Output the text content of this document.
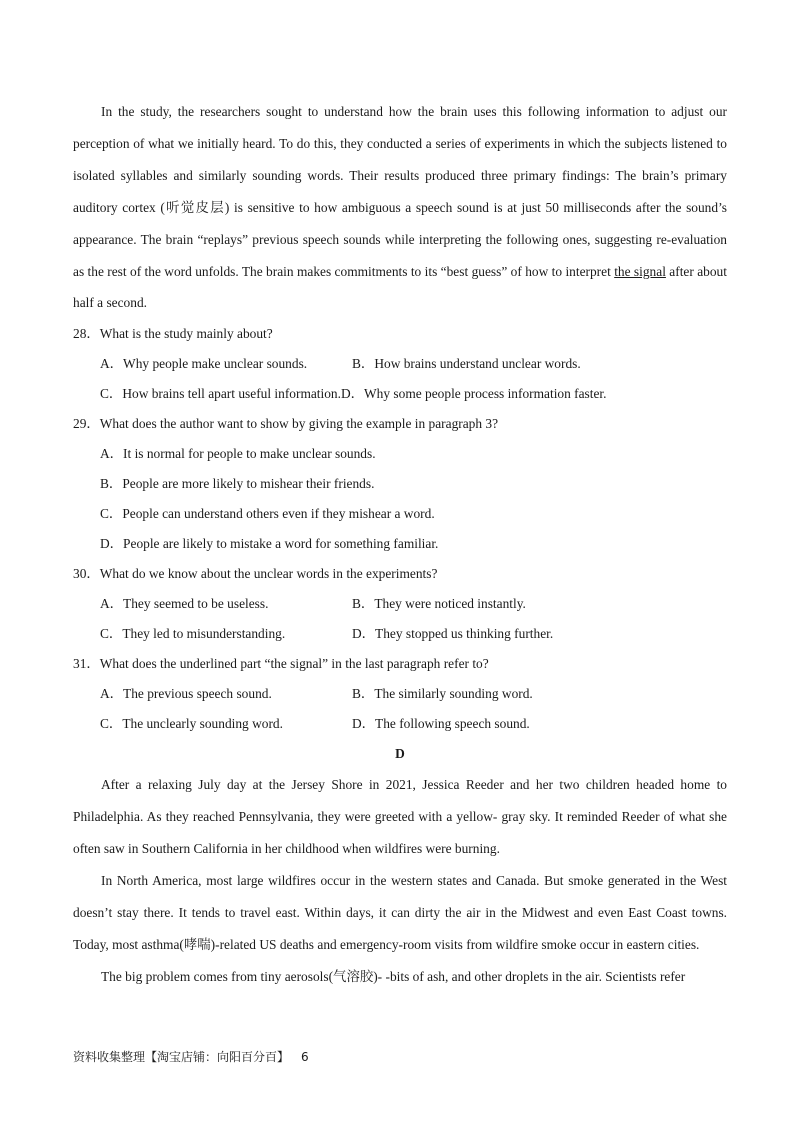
In the study, the researchers sought to understand how the brain uses this following information to adjust our perception of what we initially heard. To do this, they conducted a series of experiments in which the subjects listened to isolated syllables and similarly sounding words. Their results produced three primary findings: The brain’s primary auditory cortex (听觉皮层) is sensitive to how ambiguous a speech sound is at just 50 milliseconds after the sound’s appearance. The brain “replays” previous speech sounds while interpreting the following ones, suggesting re-evaluation as the rest of the word unfolds. The brain makes commitments to its “best guess” of how to interpret the signal after about half a second.

28．What is the study mainly about?

A．Why people make unclear sounds.	B．How brains understand unclear words.
C．How brains tell apart useful information. D．Why some people process information faster.

29．What does the author want to show by giving the example in paragraph 3?

A．It is normal for people to make unclear sounds.

B．People are more likely to mishear their friends.

C．People can understand others even if they mishear a word.

D．People are likely to mistake a word for something familiar.

30．What do we know about the unclear words in the experiments?

A．They seemed to be useless.	B．They were noticed instantly.
C．They led to misunderstanding.	D．They stopped us thinking further.

31．What does the underlined part “the signal” in the last paragraph refer to?

A．The previous speech sound.	B．The similarly sounding word.
C．The unclearly sounding word.	D．The following speech sound.

D

After a relaxing July day at the Jersey Shore in 2021, Jessica Reeder and her two children headed home to Philadelphia. As they reached Pennsylvania, they were greeted with a yellow- gray sky. It reminded Reeder of what she often saw in Southern California in her childhood when wildfires were burning.

In North America, most large wildfires occur in the western states and Canada. But smoke generated in the West doesn’t stay there. It tends to travel east. Within days, it can dirty the air in the Midwest and even East Coast towns. Today, most asthma(哮喘)-related US deaths and emergency-room visits from wildfire smoke occur in eastern cities.

The big problem comes from tiny aerosols(气溶胶)- -bits of ash, and other droplets in the air. Scientists refer

资料收集整理【淘宝店铺：向阳百分百】 6
